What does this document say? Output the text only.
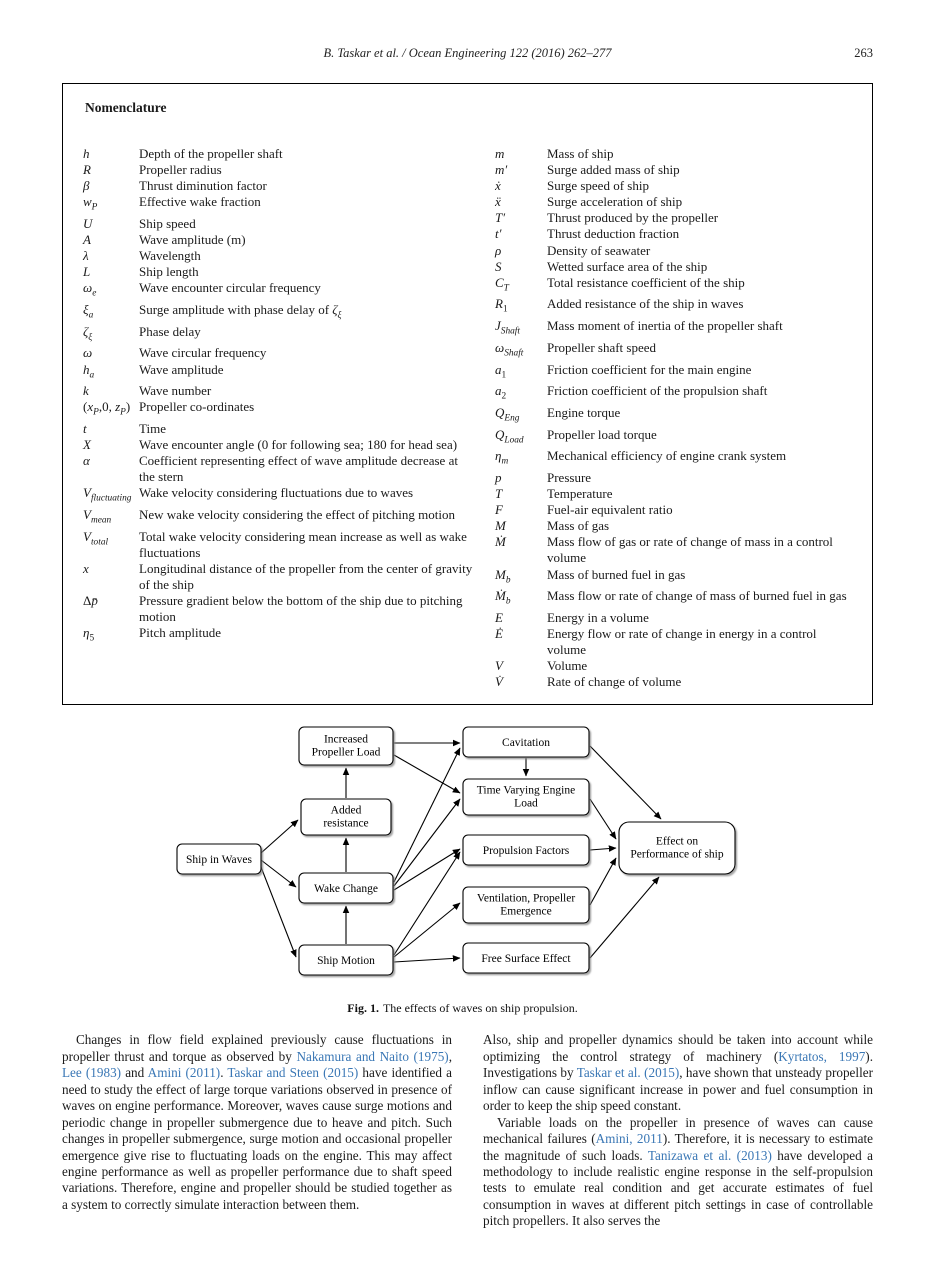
B. Taskar et al. / Ocean Engineering 122 (2016) 262–277	263
Nomenclature
h	Depth of the propeller shaft
R	Propeller radius
β	Thrust diminution factor
$w_P$	Effective wake fraction
U	Ship speed
A	Wave amplitude (m)
λ	Wavelength
L	Ship length
$\omega_e$	Wave encounter circular frequency
$\xi_a$	Surge amplitude with phase delay of $\zeta_\xi$
$\zeta_\xi$	Phase delay
ω	Wave circular frequency
$h_a$	Wave amplitude
k	Wave number
($x_P,0$, $z_P$) Propeller co-ordinates
t	Time
X	Wave encounter angle (0 for following sea; 180 for head sea)
α	Coefficient representing effect of wave amplitude decrease at the stern
$V_{fluctuating}$ Wake velocity considering fluctuations due to waves
$V_{mean}$	New wake velocity considering the effect of pitching motion
$V_{total}$	Total wake velocity considering mean increase as well as wake fluctuations
x	Longitudinal distance of the propeller from the center of gravity of the ship
Δp̄	Pressure gradient below the bottom of the ship due to pitching motion
$\eta_5$	Pitch amplitude
m	Mass of ship
m′	Surge added mass of ship
ẋ	Surge speed of ship
ẍ	Surge acceleration of ship
T′	Thrust produced by the propeller
t′	Thrust deduction fraction
ρ	Density of seawater
S	Wetted surface area of the ship
$C_T$	Total resistance coefficient of the ship
$R_1$	Added resistance of the ship in waves
$J_{Shaft}$	Mass moment of inertia of the propeller shaft
$\omega_{Shaft}$	Propeller shaft speed
$a_1$	Friction coefficient for the main engine
$a_2$	Friction coefficient of the propulsion shaft
$Q_{Eng}$	Engine torque
$Q_{Load}$	Propeller load torque
$\eta_m$	Mechanical efficiency of engine crank system
p	Pressure
T	Temperature
F	Fuel-air equivalent ratio
M	Mass of gas
Ṁ	Mass flow of gas or rate of change of mass in a control volume
$M_b$	Mass of burned fuel in gas
Ṁ$_b$	Mass flow or rate of change of mass of burned fuel in gas
E	Energy in a volume
Ė	Energy flow or rate of change in energy in a control volume
V	Volume
V̇	Rate of change of volume
Ship in Waves
Increased Propeller Load
Added resistance
Wake Change
Ship Motion
Cavitation
Time Varying Engine Load
Propulsion Factors
Ventilation, Propeller Emergence
Free Surface Effect
Effect on Performance of ship
Fig. 1. The effects of waves on ship propulsion.

Changes in flow field explained previously cause fluctuations in propeller thrust and torque as observed by Nakamura and Naito (1975), Lee (1983) and Amini (2011). Taskar and Steen (2015) have identified a need to study the effect of large torque variations observed in presence of waves on engine performance. Moreover, waves cause surge motions and periodic change in propeller submergence due to heave and pitch. Such changes in propeller submergence, surge motion and occasional propeller emergence give rise to fluctuating loads on the engine. This may affect engine performance as well as propeller performance due to shaft speed variations. Therefore, engine and propeller should be studied together as a system to correctly simulate interaction between them.

Also, ship and propeller dynamics should be taken into account while optimizing the control strategy of machinery (Kyrtatos, 1997). Investigations by Taskar et al. (2015), have shown that unsteady propeller inflow can cause significant increase in power and fuel consumption in order to keep the ship speed constant.

Variable loads on the propeller in presence of waves can cause mechanical failures (Amini, 2011). Therefore, it is necessary to estimate the magnitude of such loads. Tanizawa et al. (2013) have developed a methodology to include realistic engine response in the self-propulsion tests to emulate real condition and get accurate estimates of fuel consumption in waves at different pitch settings in case of controllable pitch propellers. It also serves the
